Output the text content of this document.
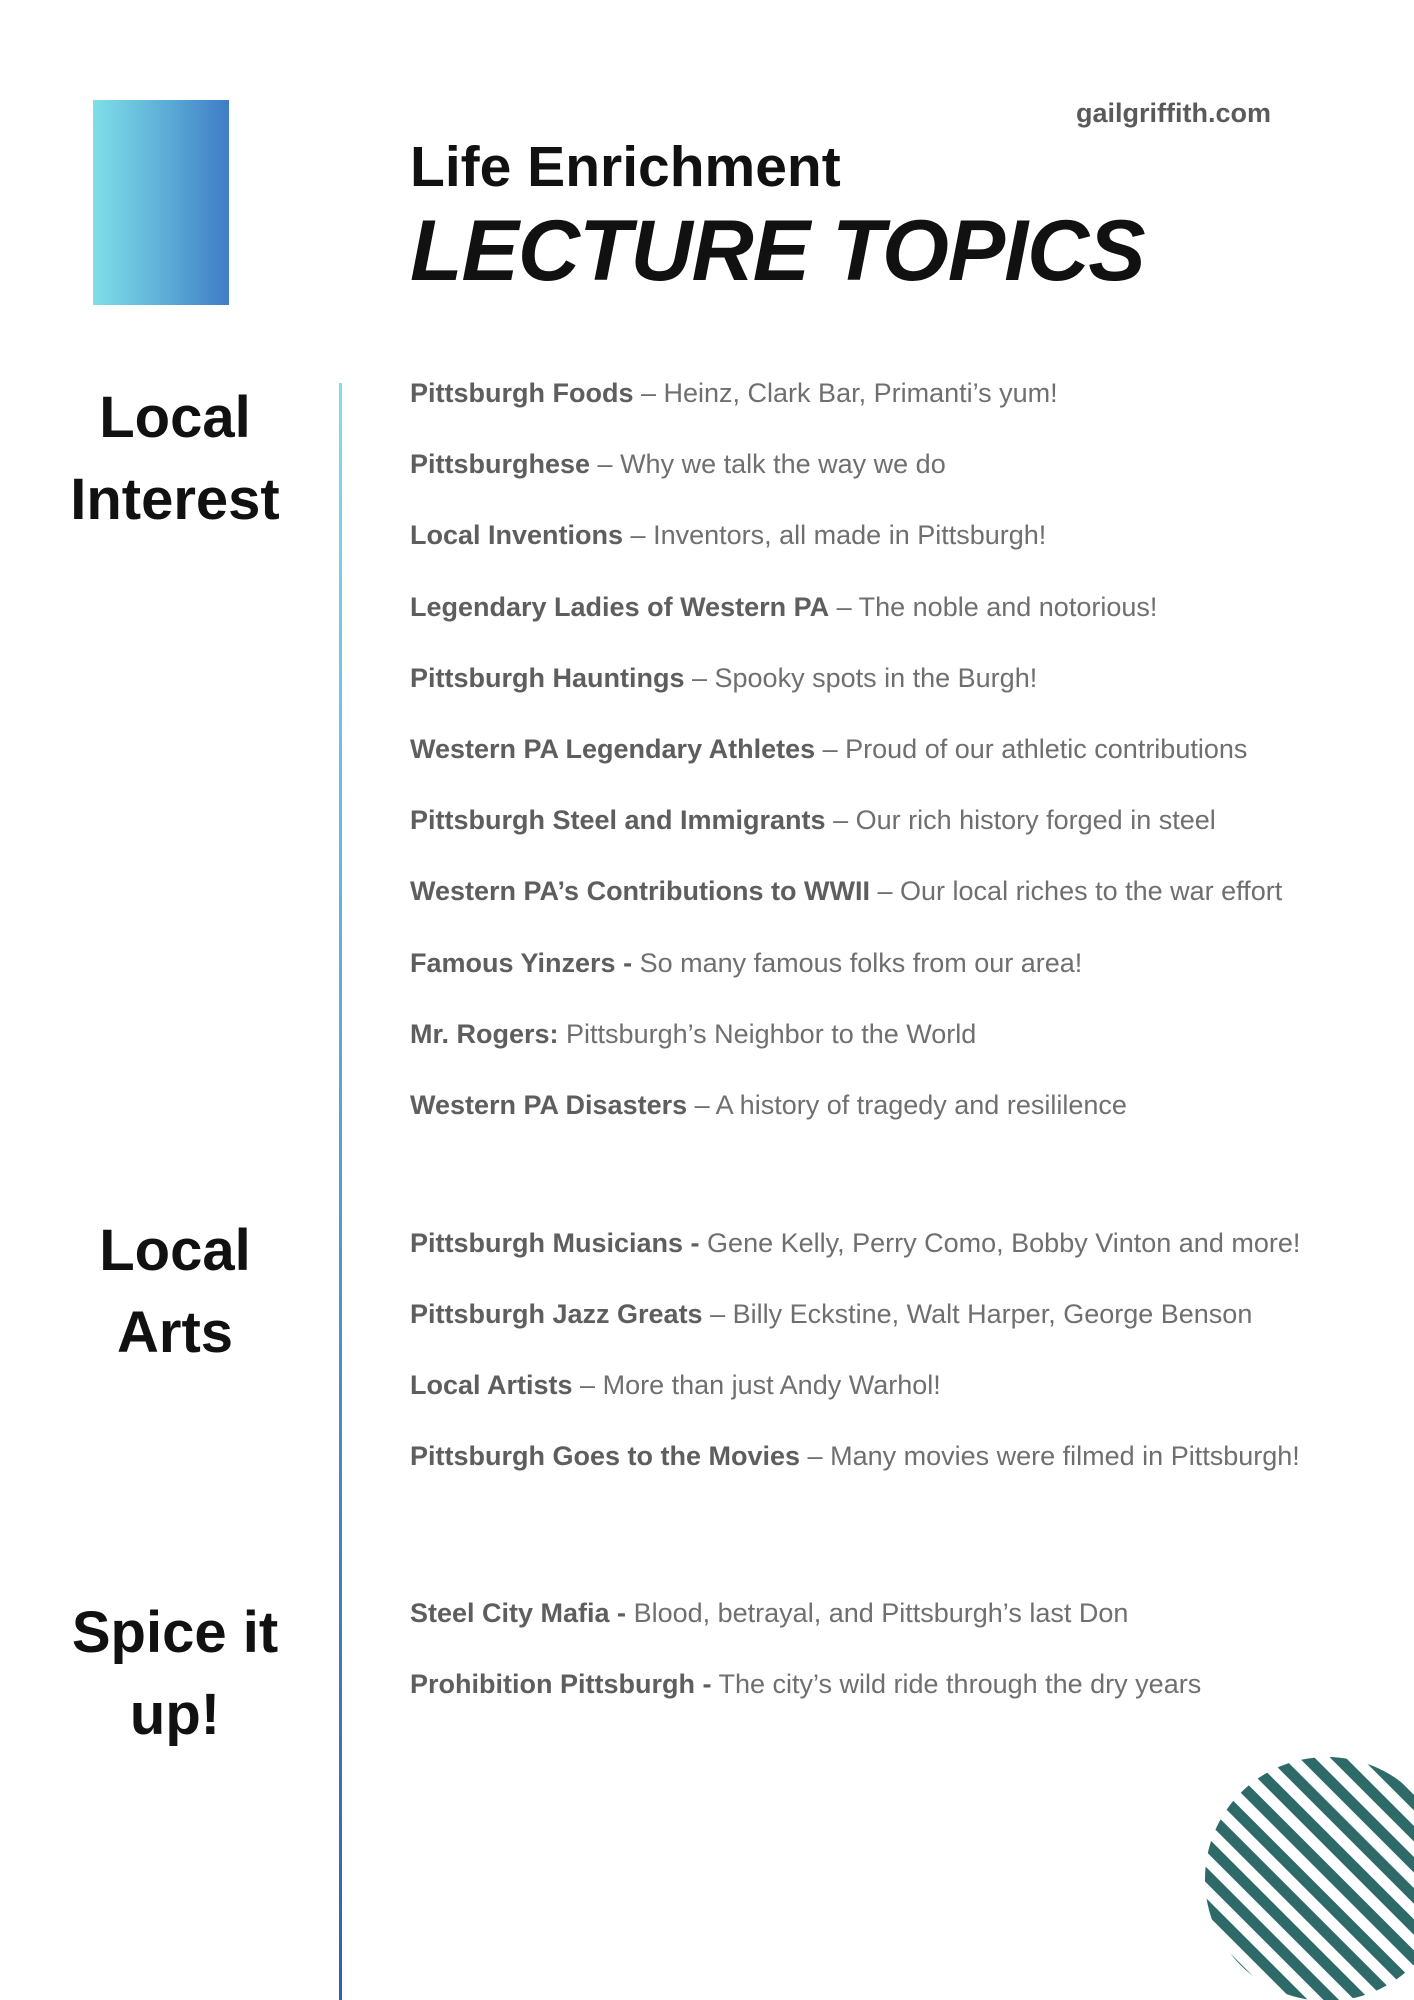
gailgriffith.com
Life Enrichment
LECTURE TOPICS
Local
Interest
Pittsburgh Foods – Heinz, Clark Bar, Primanti’s yum!
Pittsburghese – Why we talk the way we do
Local Inventions – Inventors, all made in Pittsburgh!
Legendary Ladies of Western PA – The noble and notorious!
Pittsburgh Hauntings – Spooky spots in the Burgh!
Western PA Legendary Athletes – Proud of our athletic contributions
Pittsburgh Steel and Immigrants – Our rich history forged in steel
Western PA’s Contributions to WWII – Our local riches to the war effort
Famous Yinzers - So many famous folks from our area!
Mr. Rogers: Pittsburgh’s Neighbor to the World
Western PA Disasters – A history of tragedy and resililence
Local
Arts
Pittsburgh Musicians - Gene Kelly, Perry Como, Bobby Vinton and more!
Pittsburgh Jazz Greats – Billy Eckstine, Walt Harper, George Benson
Local Artists – More than just Andy Warhol!
Pittsburgh Goes to the Movies – Many movies were filmed in Pittsburgh!
Spice it
up!
Steel City Mafia - Blood, betrayal, and Pittsburgh’s last Don
Prohibition Pittsburgh - The city’s wild ride through the dry years
